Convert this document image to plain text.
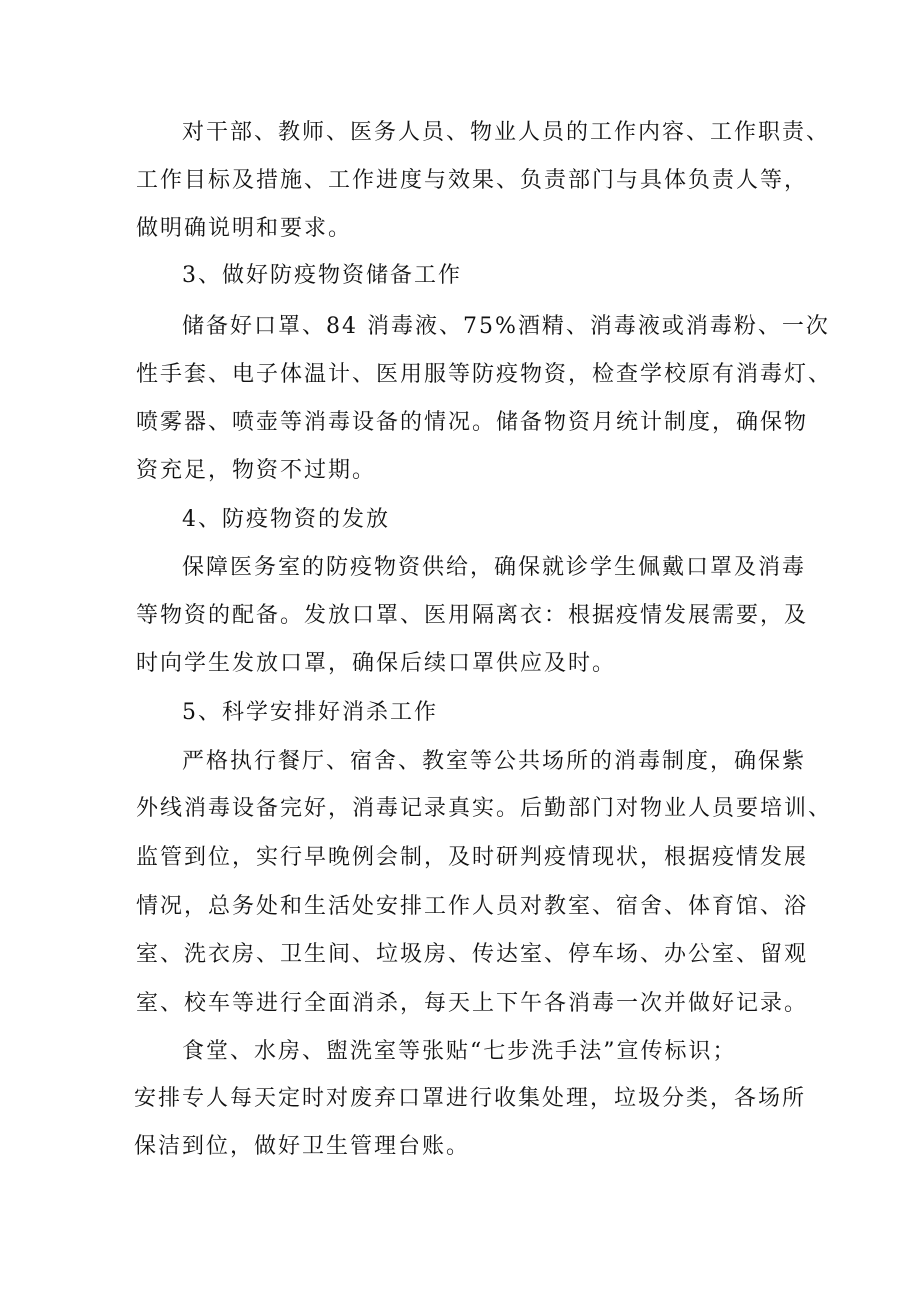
对干部、教师、医务人员、物业人员的工作内容、工作职责、
工作目标及措施、工作进度与效果、负责部门与具体负责人等，
做明确说明和要求。
3、做好防疫物资储备工作
储备好口罩、84 消毒液、75%酒精、消毒液或消毒粉、一次
性手套、电子体温计、医用服等防疫物资，检查学校原有消毒灯、
喷雾器、喷壶等消毒设备的情况。储备物资月统计制度，确保物
资充足，物资不过期。
4、防疫物资的发放
保障医务室的防疫物资供给，确保就诊学生佩戴口罩及消毒
等物资的配备。发放口罩、医用隔离衣：根据疫情发展需要，及
时向学生发放口罩，确保后续口罩供应及时。
5、科学安排好消杀工作
严格执行餐厅、宿舍、教室等公共场所的消毒制度，确保紫
外线消毒设备完好，消毒记录真实。后勤部门对物业人员要培训、
监管到位，实行早晚例会制，及时研判疫情现状，根据疫情发展
情况，总务处和生活处安排工作人员对教室、宿舍、体育馆、浴
室、洗衣房、卫生间、垃圾房、传达室、停车场、办公室、留观
室、校车等进行全面消杀，每天上下午各消毒一次并做好记录。
食堂、水房、盥洗室等张贴“七步洗手法”宣传标识；
安排专人每天定时对废弃口罩进行收集处理，垃圾分类，各场所
保洁到位，做好卫生管理台账。
